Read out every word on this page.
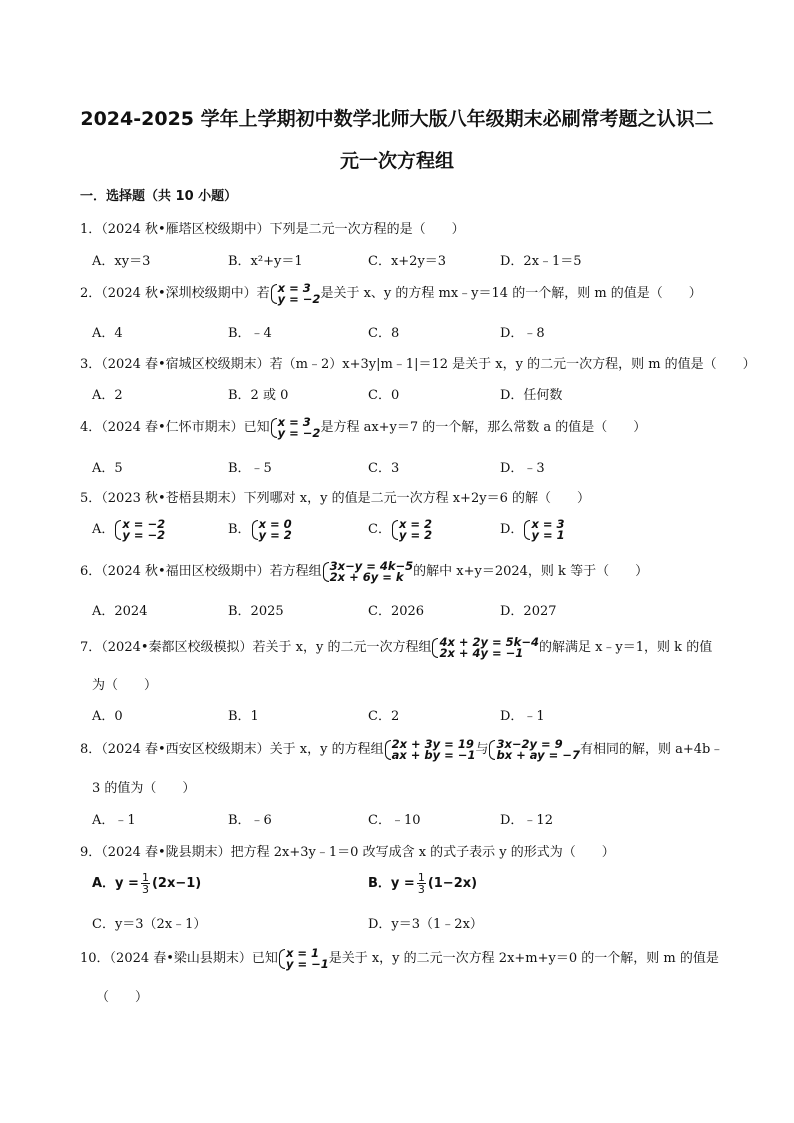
2024-2025 学年上学期初中数学北师大版八年级期末必刷常考题之认识二
元一次方程组
一．选择题（共 10 小题）
1．（2024 秋•雁塔区校级期中）下列是二元一次方程的是（　　）
A．xy＝3	B．x²+y＝1	C．x+2y＝3	D．2x﹣1＝5
2．（2024 秋•深圳校级期中）若 x = 3
y = −2 是关于 x、y 的方程 mx﹣y＝14 的一个解，则 m 的值是（　　）
A．4	B．﹣4	C．8	D．﹣8
3．（2024 春•宿城区校级期末）若（m﹣2）x+3y|m﹣1|＝12 是关于 x，y 的二元一次方程，则 m 的值是（　　）
A．2	B．2 或 0	C．0	D．任何数
4．（2024 春•仁怀市期末）已知 x = 3
y = −2 是方程 ax+y＝7 的一个解，那么常数 a 的值是（　　）
A．5	B．﹣5	C．3	D．﹣3
5．（2023 秋•苍梧县期末）下列哪对 x，y 的值是二元一次方程 x+2y＝6 的解（　　）
A． x = −2
y = −2	B． x = 0
y = 2	C． x = 2
y = 2	D． x = 3
y = 1
6．（2024 秋•福田区校级期中）若方程组 3x−y = 4k−5
2x + 6y = k 的解中 x+y＝2024，则 k 等于（　　）
A．2024	B．2025	C．2026	D．2027
7．（2024•秦都区校级模拟）若关于 x，y 的二元一次方程组 4x + 2y = 5k−4
2x + 4y = −1	的解满足 x﹣y＝1，则 k 的值
为（　　）
A．0	B．1	C．2	D．﹣1
8．（2024 春•西安区校级期末）关于 x，y 的方程组 2x + 3y = 19
ax + by = −1 与 3x−2y = 9
bx + ay = −7 有相同的解，则 a+4b﹣
3 的值为（　　）
A．﹣1	B．﹣6	C．﹣10	D．﹣12
9．（2024 春•陇县期末）把方程 2x+3y﹣1＝0 改写成含 x 的式子表示 y 的形式为（　　）
A．$y = \frac{1}{3} (2x-1)$	B．$y = \frac{1}{3} (1-2x)$
C．y＝3（2x﹣1）	D．y＝3（1﹣2x）
10．（2024 春•梁山县期末）已知 x = 1
y = −1 是关于 x，y 的二元一次方程 2x+m+y＝0 的一个解，则 m 的值是
（　　）
